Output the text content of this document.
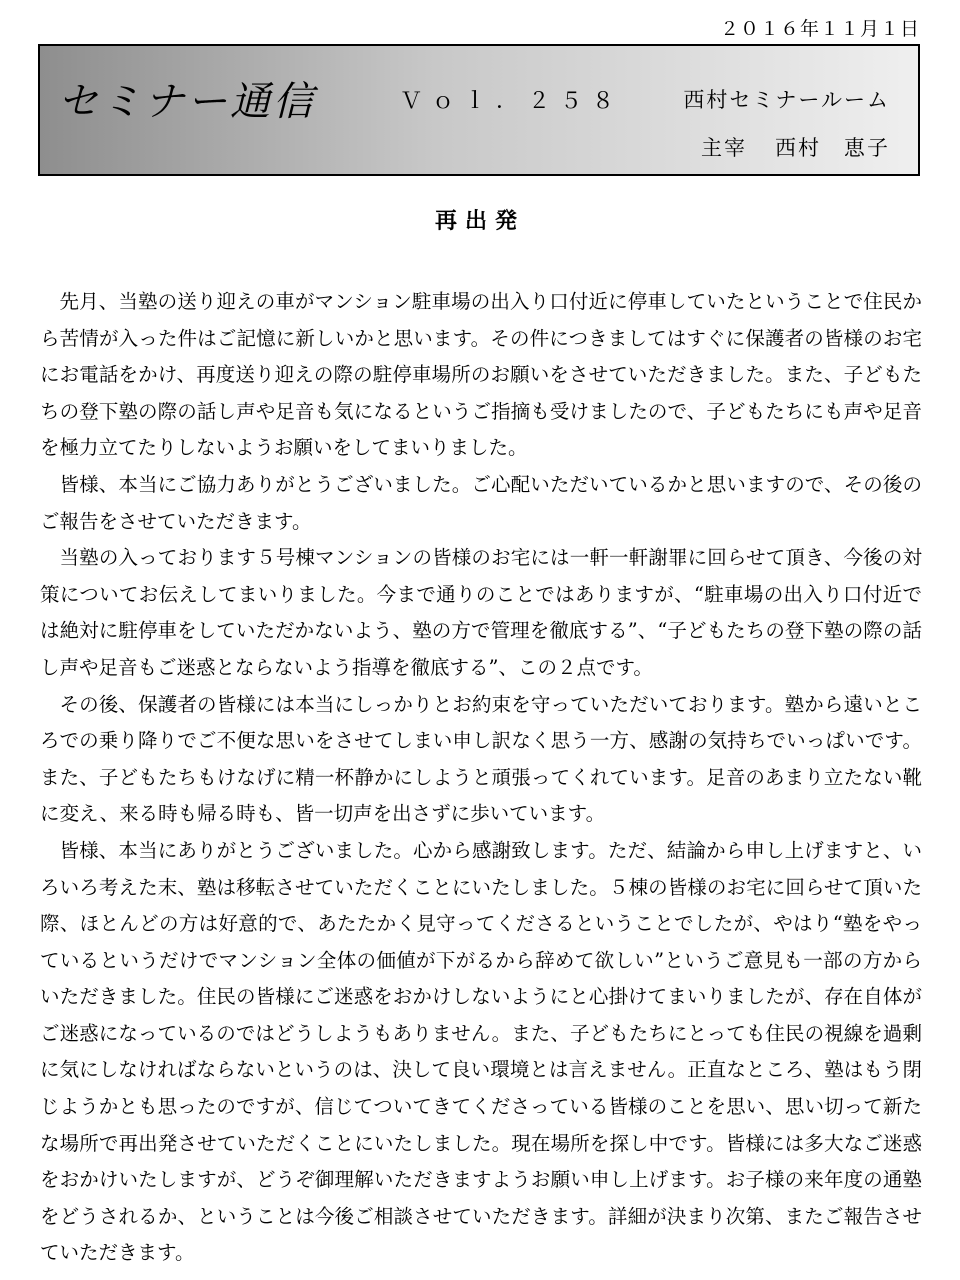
２０１６年１１月１日
セミナー通信	Ｖｏｌ．２５８	西村セミナールーム
主宰 西村　恵子
再出発

先月、当塾の送り迎えの車がマンション駐車場の出入り口付近に停車していたということで住民から苦情が入った件はご記憶に新しいかと思います。その件につきましてはすぐに保護者の皆様のお宅にお電話をかけ、再度送り迎えの際の駐停車場所のお願いをさせていただきました。また、子どもたちの登下塾の際の話し声や足音も気になるというご指摘も受けましたので、子どもたちにも声や足音を極力立てたりしないようお願いをしてまいりました。

皆様、本当にご協力ありがとうございました。ご心配いただいているかと思いますので、その後のご報告をさせていただきます。

当塾の入っております５号棟マンションの皆様のお宅には一軒一軒謝罪に回らせて頂き、今後の対策についてお伝えしてまいりました。今まで通りのことではありますが、“駐車場の出入り口付近では絶対に駐停車をしていただかないよう、塾の方で管理を徹底する”、“子どもたちの登下塾の際の話し声や足音もご迷惑とならないよう指導を徹底する”、この２点です。

その後、保護者の皆様には本当にしっかりとお約束を守っていただいております。塾から遠いところでの乗り降りでご不便な思いをさせてしまい申し訳なく思う一方、感謝の気持ちでいっぱいです。また、子どもたちもけなげに精一杯静かにしようと頑張ってくれています。足音のあまり立たない靴に変え、来る時も帰る時も、皆一切声を出さずに歩いています。

皆様、本当にありがとうございました。心から感謝致します。ただ、結論から申し上げますと、いろいろ考えた末、塾は移転させていただくことにいたしました。５棟の皆様のお宅に回らせて頂いた際、ほとんどの方は好意的で、あたたかく見守ってくださるということでしたが、やはり“塾をやっているというだけでマンション全体の価値が下がるから辞めて欲しい”というご意見も一部の方からいただきました。住民の皆様にご迷惑をおかけしないようにと心掛けてまいりましたが、存在自体がご迷惑になっているのではどうしようもありません。また、子どもたちにとっても住民の視線を過剰に気にしなければならないというのは、決して良い環境とは言えません。正直なところ、塾はもう閉じようかとも思ったのですが、信じてついてきてくださっている皆様のことを思い、思い切って新たな場所で再出発させていただくことにいたしました。現在場所を探し中です。皆様には多大なご迷惑をおかけいたしますが、どうぞ御理解いただきますようお願い申し上げます。お子様の来年度の通塾をどうされるか、ということは今後ご相談させていただきます。詳細が決まり次第、またご報告させていただきます。
